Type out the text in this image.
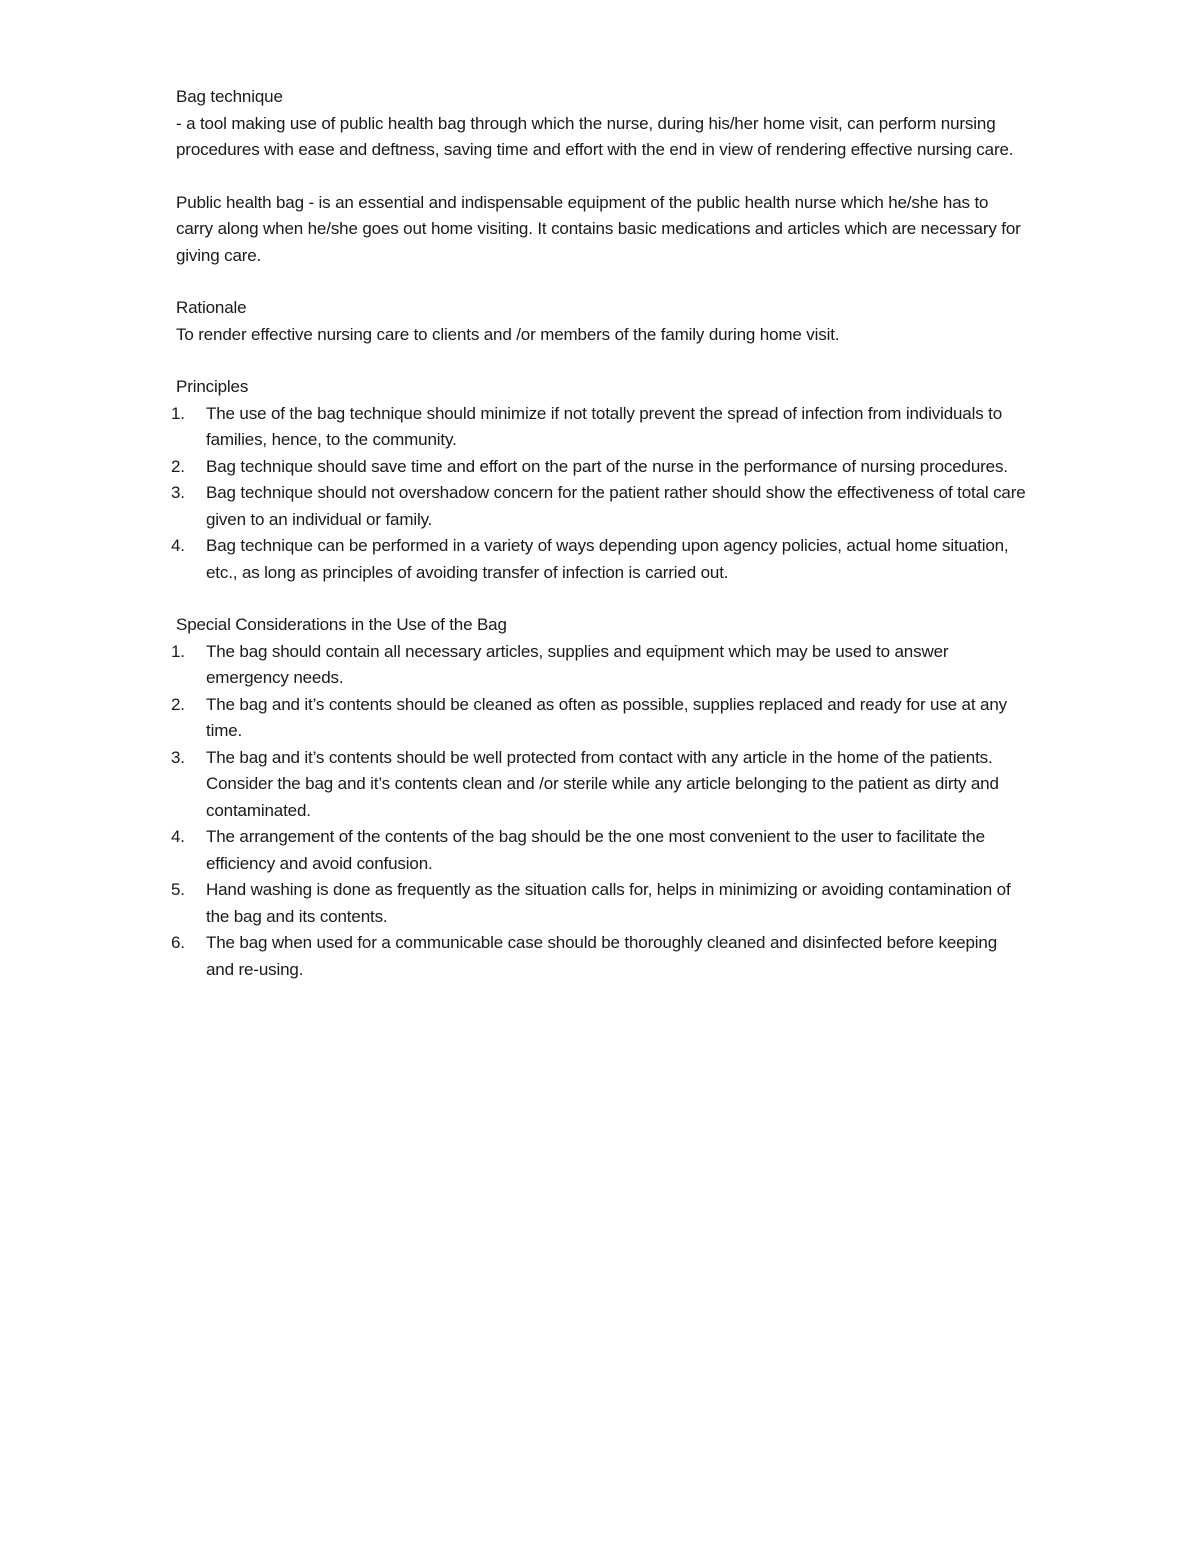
Bag technique

- a tool making use of public health bag through which the nurse, during his/her home visit, can perform nursing procedures with ease and deftness, saving time and effort with the end in view of rendering effective nursing care.

Public health bag - is an essential and indispensable equipment of the public health nurse which he/she has to carry along when he/she goes out home visiting. It contains basic medications and articles which are necessary for giving care.

Rationale

To render effective nursing care to clients and /or members of the family during home visit.

Principles

1. The use of the bag technique should minimize if not totally prevent the spread of infection from individuals to families, hence, to the community.
2. Bag technique should save time and effort on the part of the nurse in the performance of nursing procedures.
3. Bag technique should not overshadow concern for the patient rather should show the effectiveness of total care given to an individual or family.
4. Bag technique can be performed in a variety of ways depending upon agency policies, actual home situation, etc., as long as principles of avoiding transfer of infection is carried out.

Special Considerations in the Use of the Bag

1. The bag should contain all necessary articles, supplies and equipment which may be used to answer emergency needs.
2. The bag and it’s contents should be cleaned as often as possible, supplies replaced and ready for use at any time.
3. The bag and it’s contents should be well protected from contact with any article in the home of the patients. Consider the bag and it’s contents clean and /or sterile while any article belonging to the patient as dirty and contaminated.
4. The arrangement of the contents of the bag should be the one most convenient to the user to facilitate the efficiency and avoid confusion.
5. Hand washing is done as frequently as the situation calls for, helps in minimizing or avoiding contamination of the bag and its contents.
6. The bag when used for a communicable case should be thoroughly cleaned and disinfected before keeping and re-using.
